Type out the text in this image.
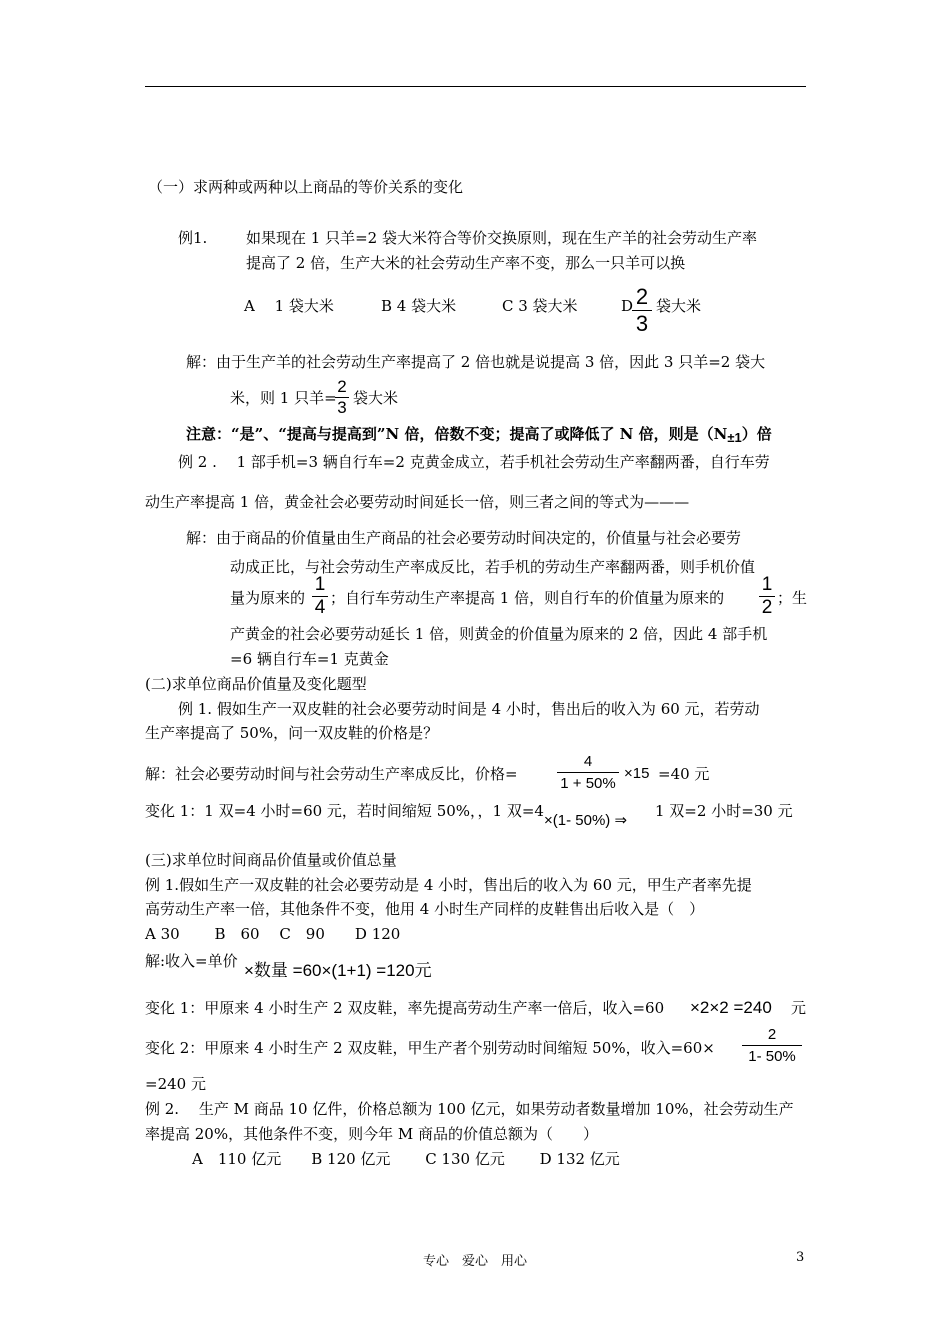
（一）求两种或两种以上商品的等价关系的变化
例1.	如果现在 1 只羊=2 袋大米符合等价交换原则，现在生产羊的社会劳动生产率
提高了 2 倍，生产大米的社会劳动生产率不变，那么一只羊可以换
A　 1 袋大米	B 4 袋大米	C 3 袋大米	D 2
3
袋大米
解：由于生产羊的社会劳动生产率提高了 2 倍也就是说提高 3 倍，因此 3 只羊=2 袋大
米，则 1 只羊=
2
3 袋大米
注意：“是”、“提高与提高到”N 倍，倍数不变；提高了或降低了 N 倍，则是（N±1）倍
例 2 .　 1 部手机=3 辆自行车=2 克黄金成立，若手机社会劳动生产率翻两番，自行车劳
动生产率提高 1 倍，黄金社会必要劳动时间延长一倍，则三者之间的等式为———
解：由于商品的价值量由生产商品的社会必要劳动时间决定的，价值量与社会必要劳
动成正比，与社会劳动生产率成反比，若手机的劳动生产率翻两番，则手机价值
量为原来的
1
4 ；自行车劳动生产率提高 1 倍，则自行车的价值量为原来的
1
2 ；生
产黄金的社会必要劳动延长 1 倍，则黄金的价值量为原来的 2 倍，因此 4 部手机
=6 辆自行车=1 克黄金
(二)求单位商品价值量及变化题型
例 1. 假如生产一双皮鞋的社会必要劳动时间是 4 小时，售出后的收入为 60 元，若劳动
生产率提高了 50%，问一双皮鞋的价格是？
解：社会必要劳动时间与社会劳动生产率成反比，价格=
4
1 + 50%
×15 =40 元
变化 1：1 双=4 小时=60 元，若时间缩短 50%，，1 双=4
×(1- 50%) ⇒
1 双=2 小时=30 元
(三)求单位时间商品价值量或价值总量
例 1.假如生产一双皮鞋的社会必要劳动是 4 小时，售出后的收入为 60 元，甲生产者率先提
高劳动生产率一倍，其他条件不变，他用 4 小时生产同样的皮鞋售出后收入是（　）
A 30　　 B　60　 C　90　　D 120
解:收入=单价 ×数量 =60×(1+1) =120元
变化 1：甲原来 4 小时生产 2 双皮鞋，率先提高劳动生产率一倍后，收入=60 ×2×2 =240 元
变化 2：甲原来 4 小时生产 2 双皮鞋，甲生产者个别劳动时间缩短 50%，收入=60×
2
1- 50%
=240 元
例 2.　 生产 M 商品 10 亿件，价格总额为 100 亿元，如果劳动者数量增加 10%，社会劳动生产
率提高 20%，其他条件不变，则今年 M 商品的价值总额为（　　）
A　110 亿元　　B 120 亿元　　 C 130 亿元　　 D 132 亿元
专心　爱心　用心	3
